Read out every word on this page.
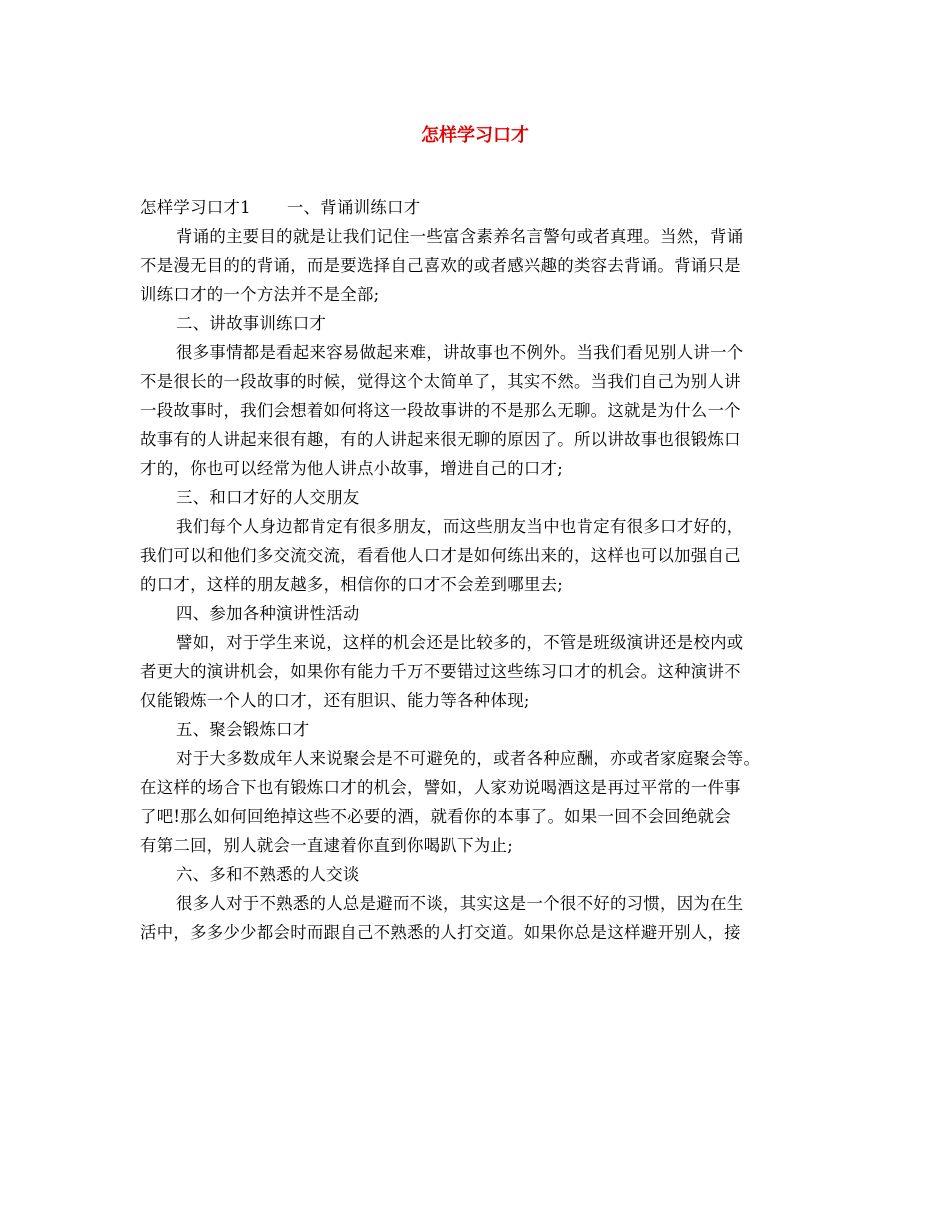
怎样学习口才

怎样学习口才1 一、背诵训练口才

背诵的主要目的就是让我们记住一些富含素养名言警句或者真理。当然，背诵

不是漫无目的的背诵，而是要选择自己喜欢的或者感兴趣的类容去背诵。背诵只是

训练口才的一个方法并不是全部;

二、讲故事训练口才

很多事情都是看起来容易做起来难，讲故事也不例外。当我们看见别人讲一个

不是很长的一段故事的时候，觉得这个太简单了，其实不然。当我们自己为别人讲

一段故事时，我们会想着如何将这一段故事讲的不是那么无聊。这就是为什么一个

故事有的人讲起来很有趣，有的人讲起来很无聊的原因了。所以讲故事也很锻炼口

才的，你也可以经常为他人讲点小故事，增进自己的口才;

三、和口才好的人交朋友

我们每个人身边都肯定有很多朋友，而这些朋友当中也肯定有很多口才好的，

我们可以和他们多交流交流，看看他人口才是如何练出来的，这样也可以加强自己

的口才，这样的朋友越多，相信你的口才不会差到哪里去;

四、参加各种演讲性活动

譬如，对于学生来说，这样的机会还是比较多的，不管是班级演讲还是校内或

者更大的演讲机会，如果你有能力千万不要错过这些练习口才的机会。这种演讲不

仅能锻炼一个人的口才，还有胆识、能力等各种体现;

五、聚会锻炼口才

对于大多数成年人来说聚会是不可避免的，或者各种应酬，亦或者家庭聚会等。

在这样的场合下也有锻炼口才的机会，譬如，人家劝说喝酒这是再过平常的一件事

了吧!那么如何回绝掉这些不必要的酒，就看你的本事了。如果一回不会回绝就会

有第二回，别人就会一直逮着你直到你喝趴下为止;

六、多和不熟悉的人交谈

很多人对于不熟悉的人总是避而不谈，其实这是一个很不好的习惯，因为在生

活中，多多少少都会时而跟自己不熟悉的人打交道。如果你总是这样避开别人，接
